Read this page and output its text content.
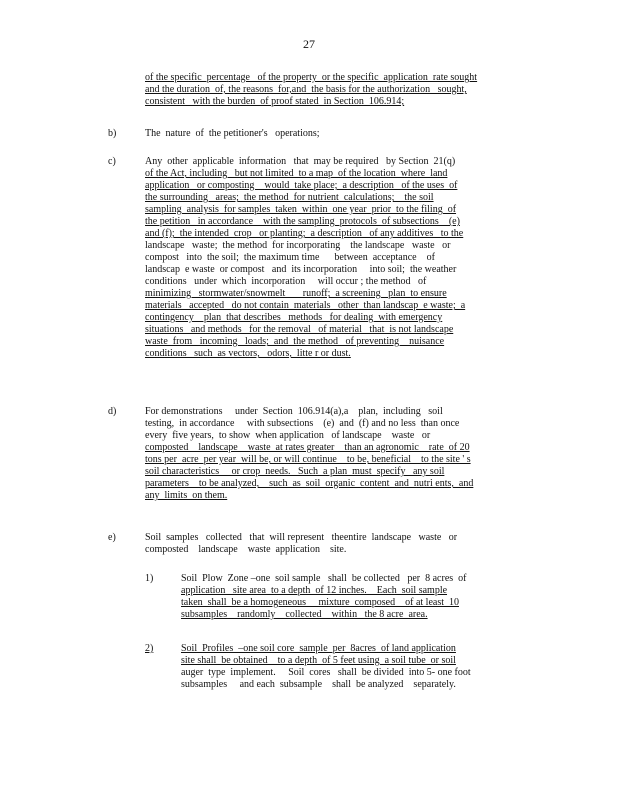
27
of the specific  percentage   of the property  or the specific  application  rate sought
and the duration  of, the reasons  for,and  the basis for the authorization   sought,
consistent   with the burden  of proof stated  in Section  106.914;
b)	The  nature  of  the petitioner's   operations;
c)	Any  other  applicable  information   that  may be required   by Section  21(q)
of the Act, including   but not limited  to a map  of the location  where  land
application   or composting    would  take place;  a description   of the uses  of
the surrounding   areas;  the method  for nutrient  calculations;    the soil
sampling  analysis  for samples  taken  within  one year  prior  to the filing  of
the petition   in accordance    with the sampling  protocols  of subsections    (e)
and (f);  the intended  crop   or planting;  a description   of any additives   to the
landscape   waste;  the method  for incorporating    the landscape   waste   or
compost   into  the soil;  the maximum time      between  acceptance    of
landscap  e waste  or compost   and  its incorporation     into soil;  the weather
conditions   under  which  incorporation     will occur ; the method   of
minimizing   stormwater/snowmelt       runoff;  a screening   plan  to ensure
materials   accepted   do not contain  materials   other  than landscap  e waste;  a
contingency    plan  that describes   methods   for dealing  with emergency
situations   and methods   for the removal   of material   that  is not landscape
waste  from   incoming   loads;  and  the method   of preventing    nuisance
conditions   such  as vectors,   odors,  litte r or dust.
d)	For demonstrations     under  Section  106.914(a),a    plan,  including   soil
testing,  in accordance     with subsections    (e)  and  (f) and no less  than once
every  five years,  to show  when application   of landscape    waste   or
composted    landscape    waste  at rates greater    than an agronomic    rate  of 20
tons per  acre  per year  will be, or will continue    to be, beneficial    to the site ' s
soil characteristics     or crop  needs.   Such  a plan  must  specify   any soil
parameters    to be analyzed,    such  as  soil  organic  content  and  nutri ents,  and
any  limits  on them.
e)	Soil  samples   collected   that  will represent   theentire  landscape   waste   or
composted    landscape    waste  application    site.
1)	Soil  Plow  Zone –one  soil sample   shall  be collected   per  8 acres  of
application   site area  to a depth  of 12 inches.    Each  soil sample
taken  shall  be a homogeneous     mixture  composed    of at least  10
subsamples    randomly    collected    within   the 8 acre  area.
2)	Soil  Profiles  –one soil core  sample  per  8acres  of land application
site shall  be obtained    to a depth  of 5 feet using  a soil tube  or soil
auger  type  implement.     Soil  cores   shall  be divided  into 5- one foot
subsamples     and each  subsample    shall  be analyzed    separately.
